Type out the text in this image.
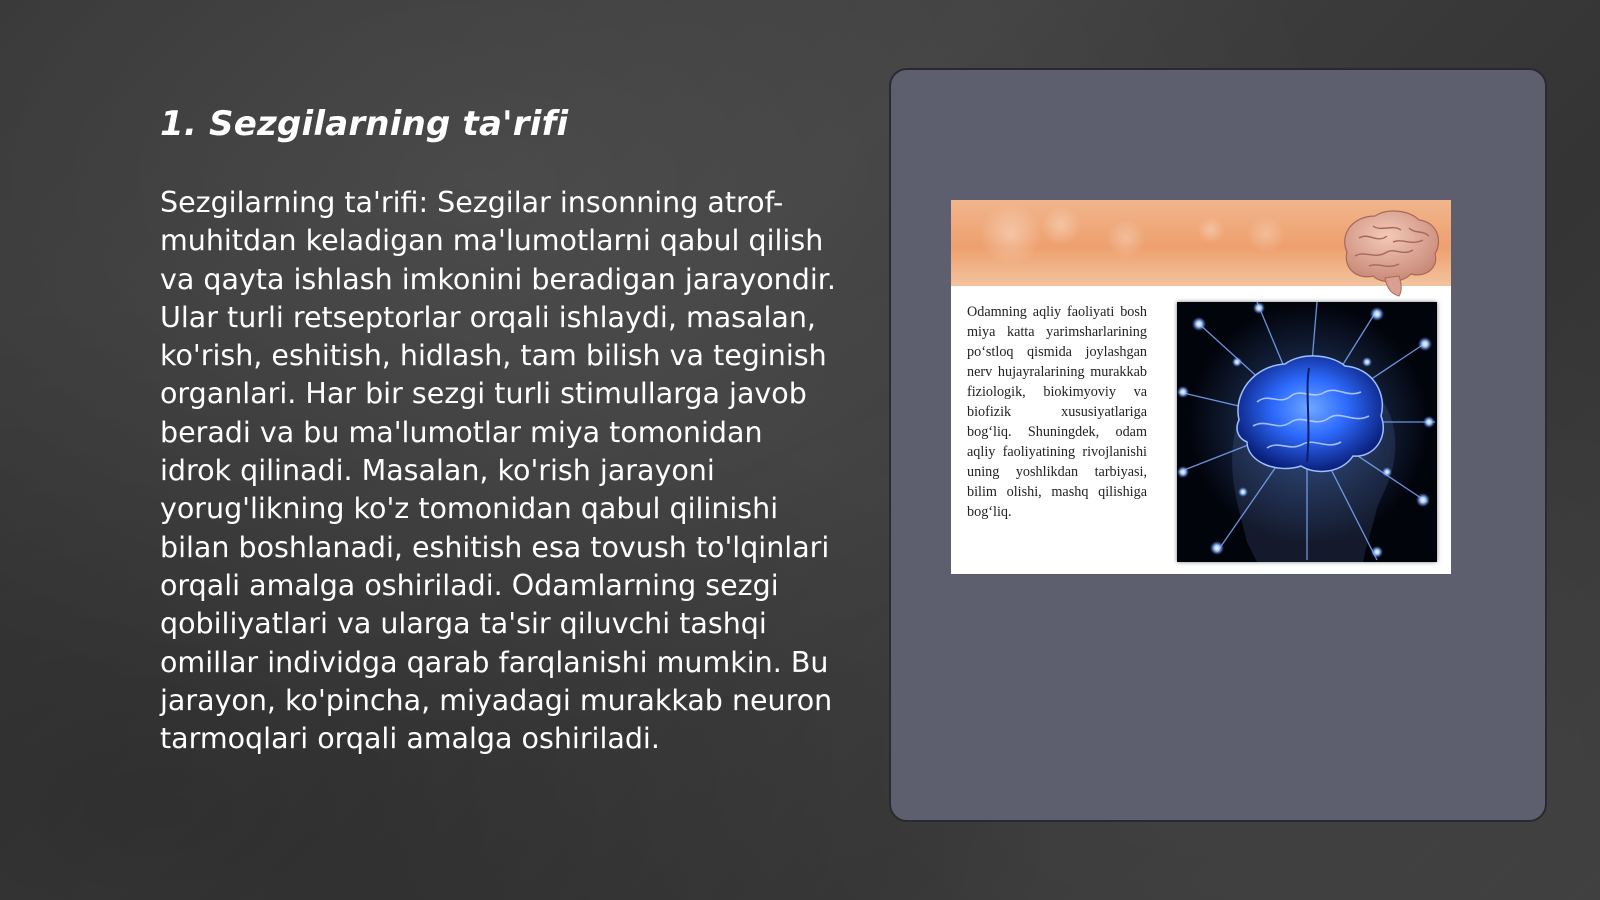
1. Sezgilarning ta'rifi

Sezgilarning ta'rifi: Sezgilar insonning atrof-muhitdan keladigan ma'lumotlarni qabul qilish va qayta ishlash imkonini beradigan jarayondir. Ular turli retseptorlar orqali ishlaydi, masalan, ko'rish, eshitish, hidlash, tam bilish va teginish organlari. Har bir sezgi turli stimullarga javob beradi va bu ma'lumotlar miya tomonidan idrok qilinadi. Masalan, ko'rish jarayoni yorug'likning ko'z tomonidan qabul qilinishi bilan boshlanadi, eshitish esa tovush to'lqinlari orqali amalga oshiriladi. Odamlarning sezgi qobiliyatlari va ularga ta'sir qiluvchi tashqi omillar individga qarab farqlanishi mumkin. Bu jarayon, ko'pincha, miyadagi murakkab neuron tarmoqlari orqali amalga oshiriladi.

Odamning aqliy faoliyati bosh miya katta yarimsharlarining po‘stloq qismida joylashgan nerv hujayralarining murakkab fiziologik, biokimyoviy va biofizik xususiyatlariga bog‘liq. Shuningdek, odam aqliy faoliyatining rivojlanishi uning yoshlikdan tarbiyasi, bilim olishi, mashq qilishiga bog‘liq.
